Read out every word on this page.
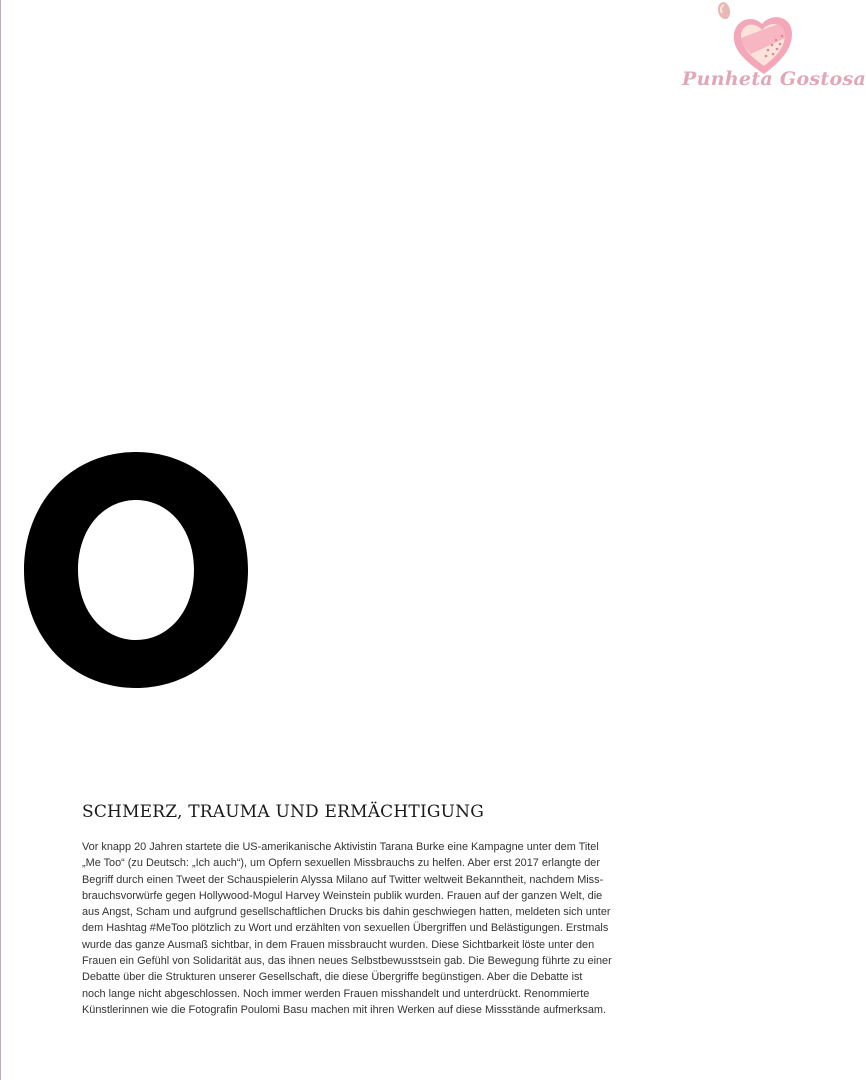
Punheta Gostosa
SCHMERZ, TRAUMA UND ERMÄCHTIGUNG
Vor knapp 20 Jahren startete die US-amerikanische Aktivistin Tarana Burke eine Kampagne unter dem Titel
„Me Too“ (zu Deutsch: „Ich auch“), um Opfern sexuellen Missbrauchs zu helfen. Aber erst 2017 erlangte der
Begriff durch einen Tweet der Schauspielerin Alyssa Milano auf Twitter weltweit Bekanntheit, nachdem Miss-
brauchsvorwürfe gegen Hollywood-Mogul Harvey Weinstein publik wurden. Frauen auf der ganzen Welt, die
aus Angst, Scham und aufgrund gesellschaftlichen Drucks bis dahin geschwiegen hatten, meldeten sich unter
dem Hashtag #MeToo plötzlich zu Wort und erzählten von sexuellen Übergriffen und Belästigungen. Erstmals
wurde das ganze Ausmaß sichtbar, in dem Frauen missbraucht wurden. Diese Sichtbarkeit löste unter den
Frauen ein Gefühl von Solidarität aus, das ihnen neues Selbstbewusstsein gab. Die Bewegung führte zu einer
Debatte über die Strukturen unserer Gesellschaft, die diese Übergriffe begünstigen. Aber die Debatte ist
noch lange nicht abgeschlossen. Noch immer werden Frauen misshandelt und unterdrückt. Renommierte
Künstlerinnen wie die Fotografin Poulomi Basu machen mit ihren Werken auf diese Missstände aufmerksam.
